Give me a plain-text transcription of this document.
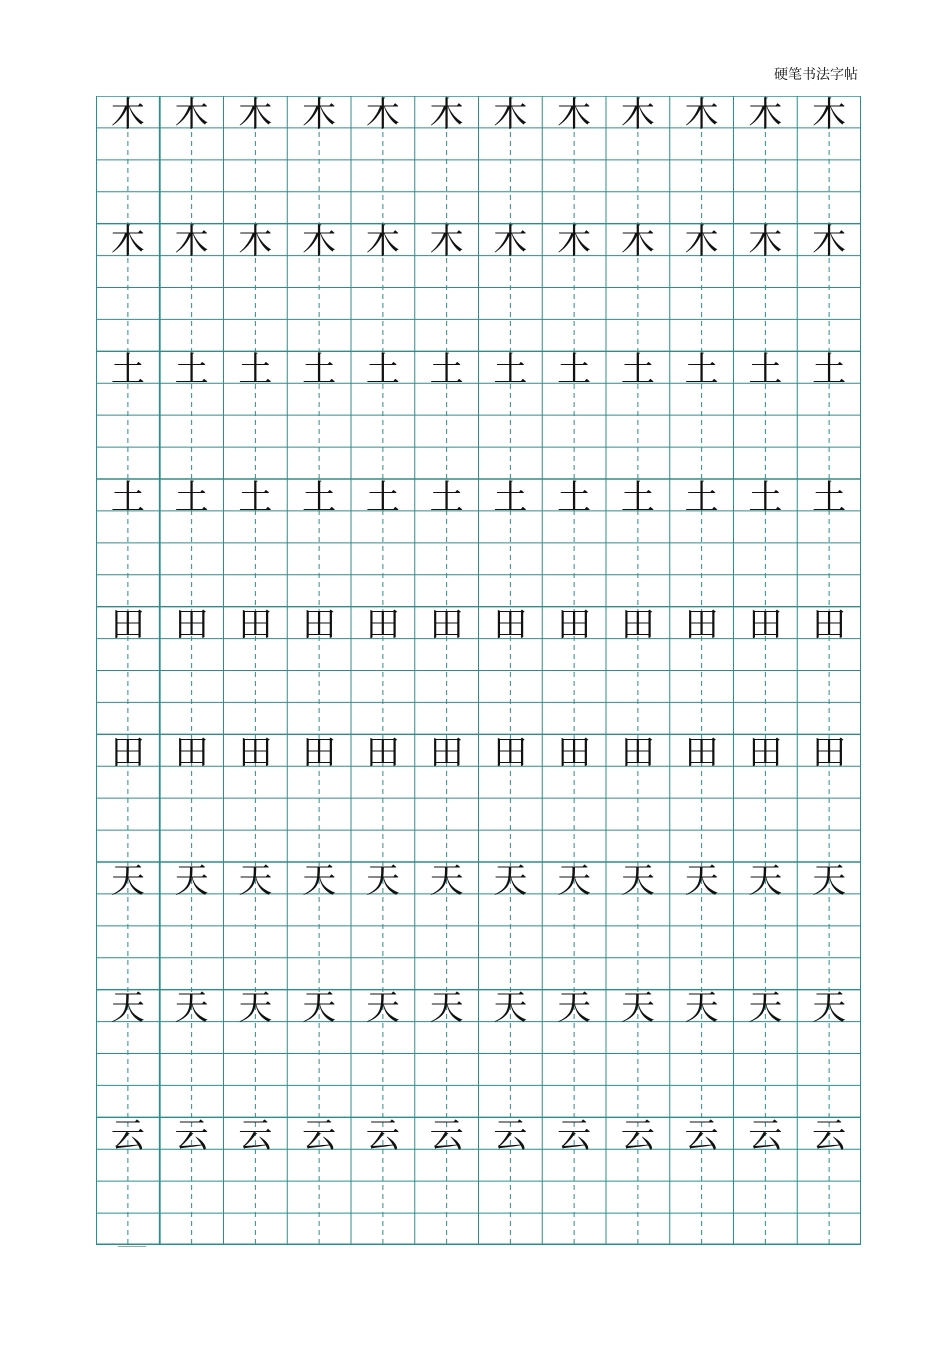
硬笔书法字帖
木 木 木 木 木 木 木 木 木 木 木 木
木 木 木 木 木 木 木 木 木 木 木 木
土 土 土 土 土 土 土 土 土 土 土 土
土 土 土 土 土 土 土 土 土 土 土 土
田 田 田 田 田 田 田 田 田 田 田 田
田 田 田 田 田 田 田 田 田 田 田 田
天 天 天 天 天 天 天 天 天 天 天 天
天 天 天 天 天 天 天 天 天 天 天 天
云 云 云 云 云 云 云 云 云 云 云 云
